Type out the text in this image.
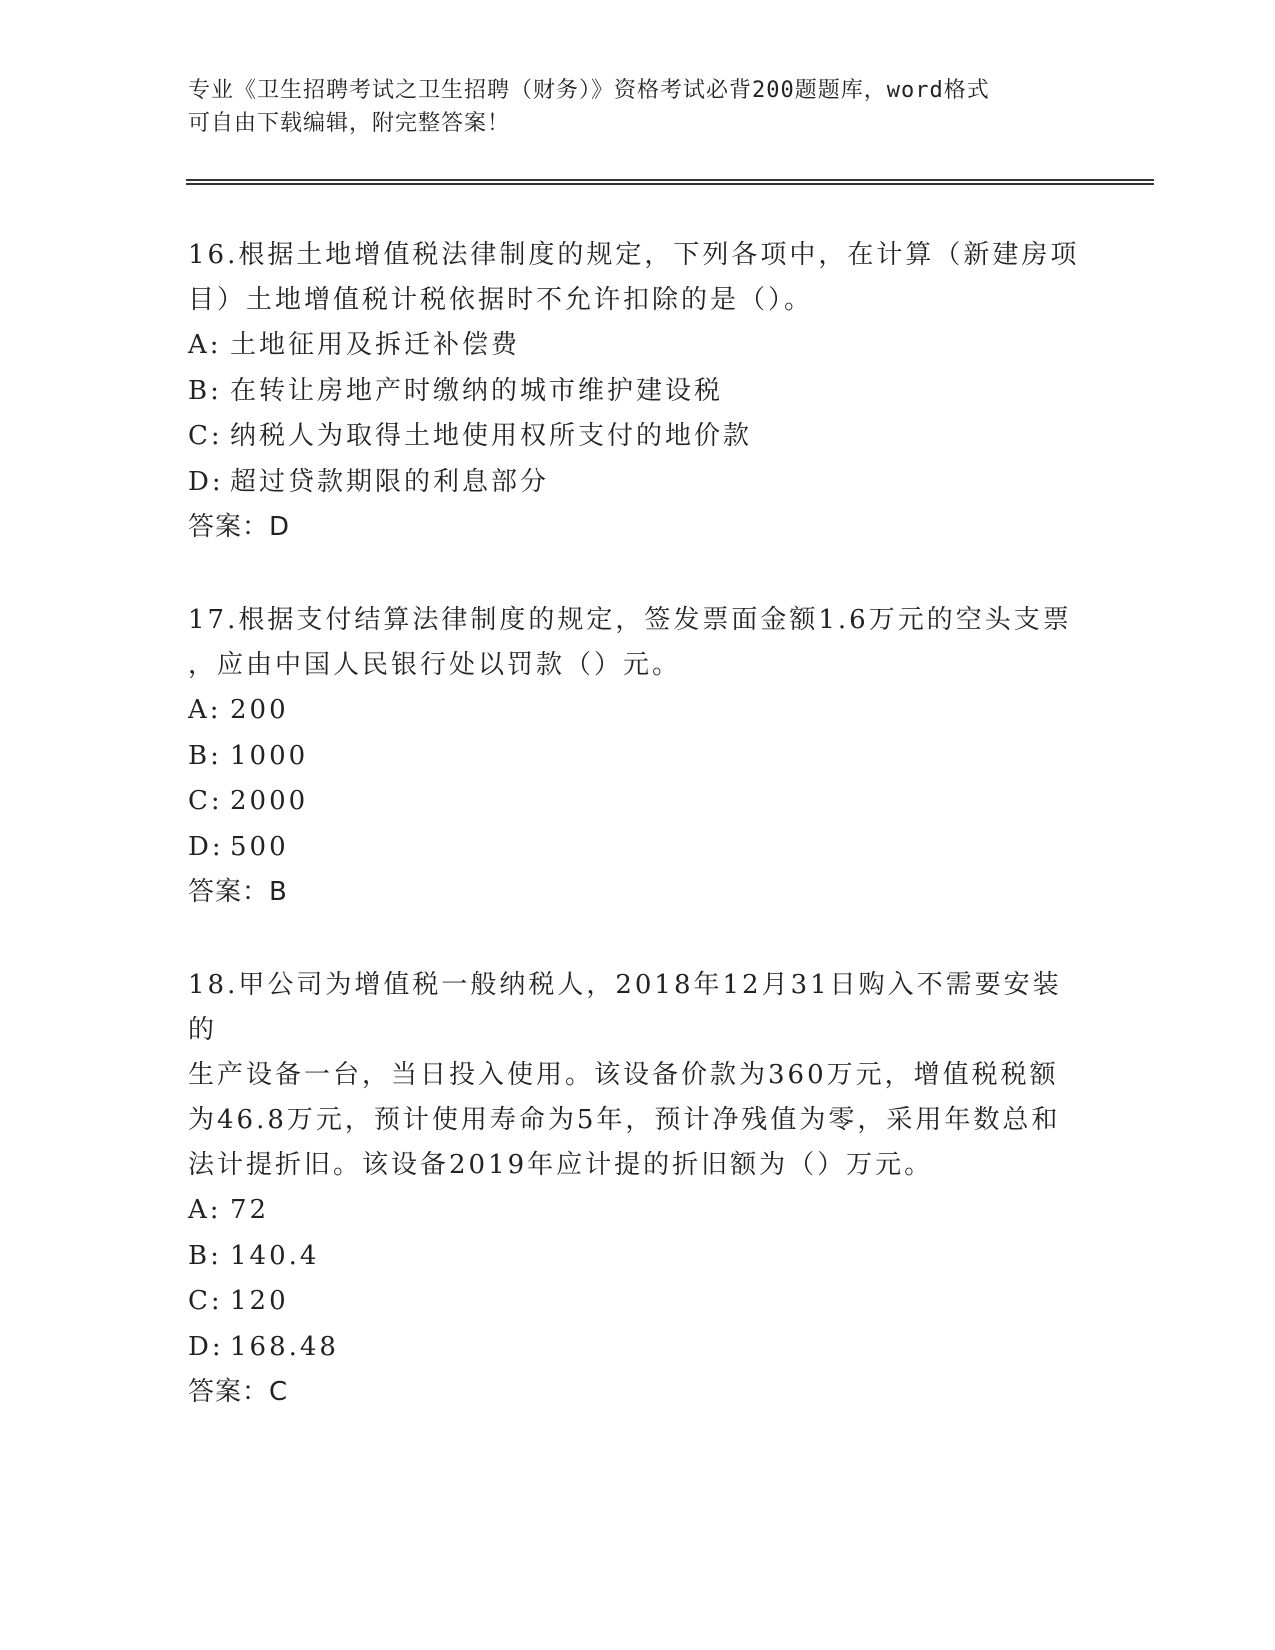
专业《卫生招聘考试之卫生招聘（财务）》资格考试必背200题题库，word格式
可自由下载编辑，附完整答案！

16.根据土地增值税法律制度的规定，下列各项中，在计算（新建房项

目）土地增值税计税依据时不允许扣除的是（）。

A: 土地征用及拆迁补偿费

B: 在转让房地产时缴纳的城市维护建设税

C: 纳税人为取得土地使用权所支付的地价款

D: 超过贷款期限的利息部分

答案：D

17.根据支付结算法律制度的规定，签发票面金额1.6万元的空头支票

，应由中国人民银行处以罚款（）元。

A: 200

B: 1000

C: 2000

D: 500

答案：B

18.甲公司为增值税一般纳税人，2018年12月31日购入不需要安装的

生产设备一台，当日投入使用。该设备价款为360万元，增值税税额

为46.8万元，预计使用寿命为5年，预计净残值为零，采用年数总和

法计提折旧。该设备2019年应计提的折旧额为（）万元。

A: 72

B: 140.4

C: 120

D: 168.48

答案：C
